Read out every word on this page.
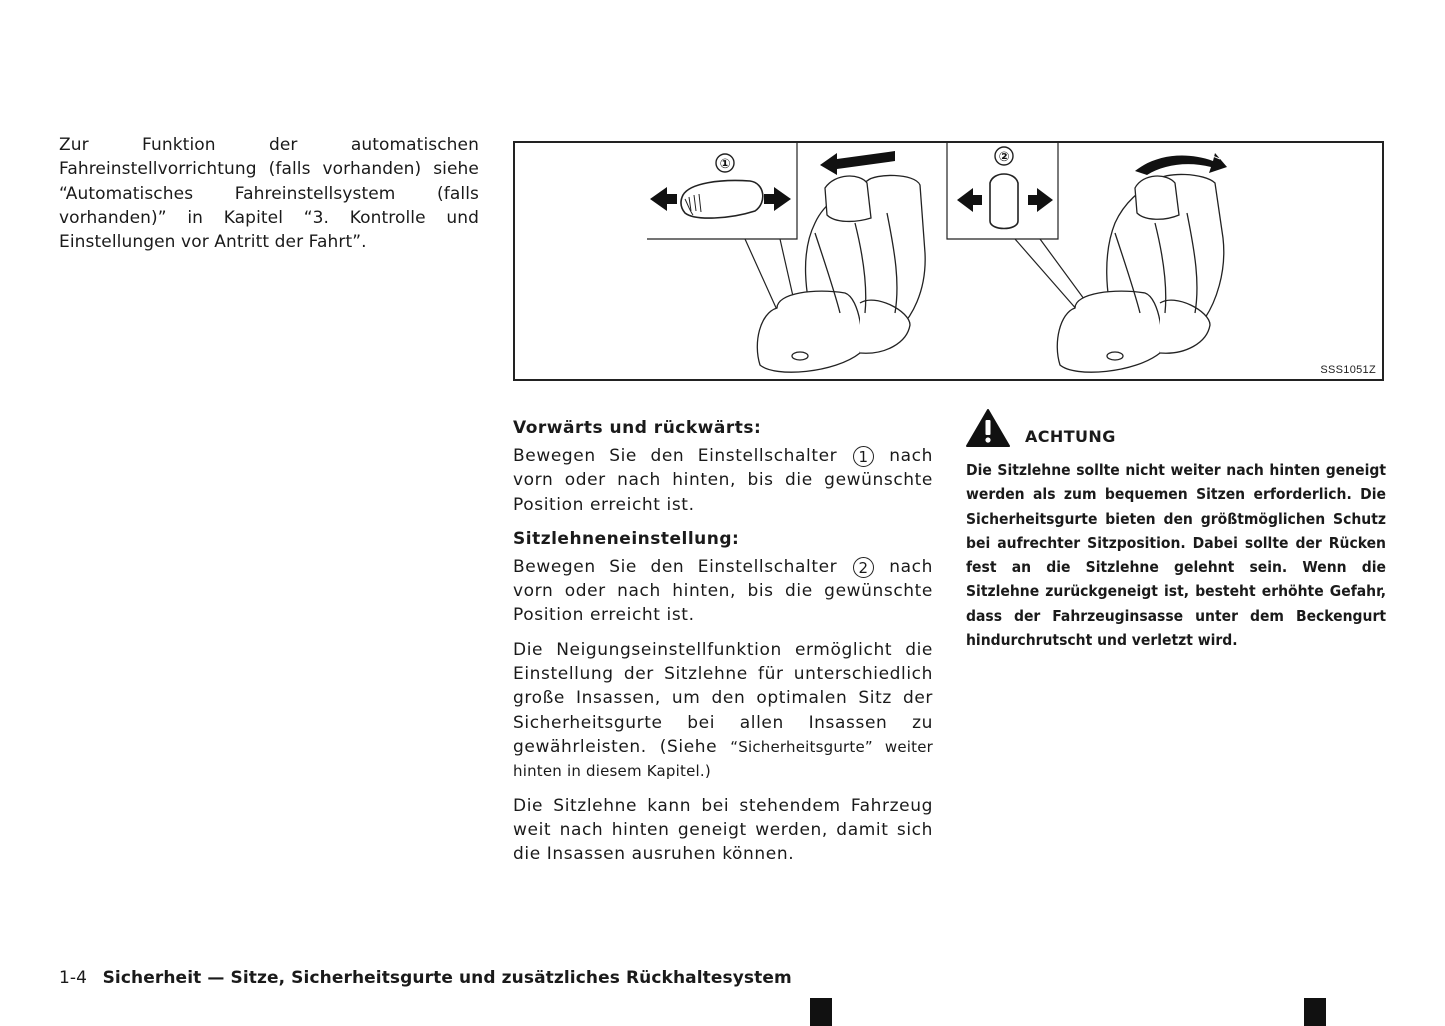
Zur Funktion der automatischen Fahreinstellvorrichtung (falls vorhanden) siehe “Automatisches Fahreinstellsystem (falls vorhanden)” in Kapitel “3. Kontrolle und Einstellungen vor Antritt der Fahrt”.
①	②
SSS1051Z
Vorwärts und rückwärts:

Bewegen Sie den Einstellschalter 1 nach vorn oder nach hinten, bis die gewünschte Position erreicht ist.

Sitzlehneneinstellung:

Bewegen Sie den Einstellschalter 2 nach vorn oder nach hinten, bis die gewünschte Position erreicht ist.

Die Neigungseinstellfunktion ermöglicht die Einstellung der Sitzlehne für unterschiedlich große Insassen, um den optimalen Sitz der Sicherheitsgurte bei allen Insassen zu gewährleisten. (Siehe “Sicherheitsgurte” weiter hinten in diesem Kapitel.)

Die Sitzlehne kann bei stehendem Fahrzeug weit nach hinten geneigt werden, damit sich die Insassen ausruhen können.

ACHTUNG

Die Sitzlehne sollte nicht weiter nach hinten geneigt werden als zum bequemen Sitzen erforderlich. Die Sicherheitsgurte bieten den größtmöglichen Schutz bei aufrechter Sitzposition. Dabei sollte der Rücken fest an die Sitzlehne gelehnt sein. Wenn die Sitzlehne zurückgeneigt ist, besteht erhöhte Gefahr, dass der Fahrzeuginsasse unter dem Beckengurt hindurchrutscht und verletzt wird.

1-4 Sicherheit — Sitze, Sicherheitsgurte und zusätzliches Rückhaltesystem
